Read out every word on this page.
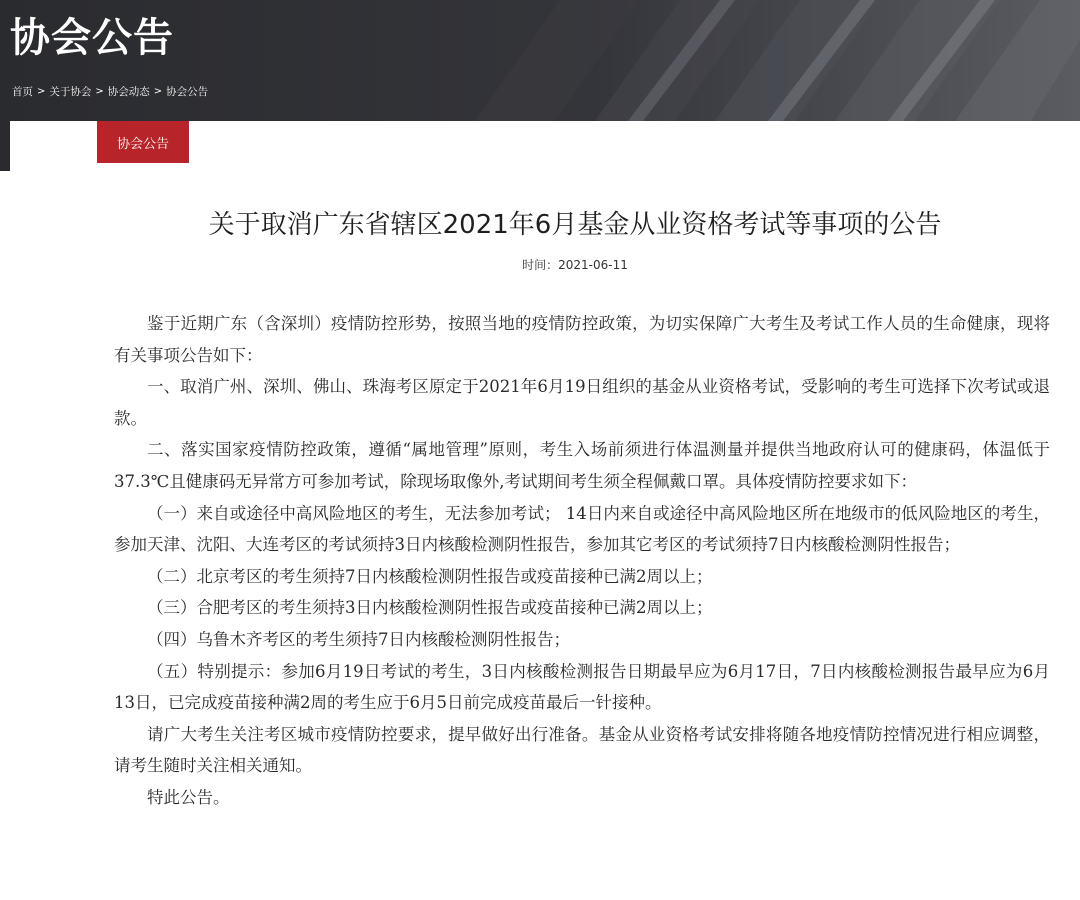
协会公告
首页 > 关于协会 > 协会动态 > 协会公告
协会公告
关于取消广东省辖区2021年6月基金从业资格考试等事项的公告
时间：2021-06-11

鉴于近期广东（含深圳）疫情防控形势，按照当地的疫情防控政策，为切实保障广大考生及考试工作人员的生命健康，现将有关事项公告如下：

一、取消广州、深圳、佛山、珠海考区原定于2021年6月19日组织的基金从业资格考试，受影响的考生可选择下次考试或退款。

二、落实国家疫情防控政策，遵循“属地管理”原则，考生入场前须进行体温测量并提供当地政府认可的健康码，体温低于37.3℃且健康码无异常方可参加考试，除现场取像外,考试期间考生须全程佩戴口罩。具体疫情防控要求如下：

（一）来自或途径中高风险地区的考生，无法参加考试； 14日内来自或途径中高风险地区所在地级市的低风险地区的考生，参加天津、沈阳、大连考区的考试须持3日内核酸检测阴性报告，参加其它考区的考试须持7日内核酸检测阴性报告；

（二）北京考区的考生须持7日内核酸检测阴性报告或疫苗接种已满2周以上；

（三）合肥考区的考生须持3日内核酸检测阴性报告或疫苗接种已满2周以上；

（四）乌鲁木齐考区的考生须持7日内核酸检测阴性报告；

（五）特别提示：参加6月19日考试的考生，3日内核酸检测报告日期最早应为6月17日，7日内核酸检测报告最早应为6月13日，已完成疫苗接种满2周的考生应于6月5日前完成疫苗最后一针接种。

请广大考生关注考区城市疫情防控要求，提早做好出行准备。基金从业资格考试安排将随各地疫情防控情况进行相应调整，请考生随时关注相关通知。

特此公告。
